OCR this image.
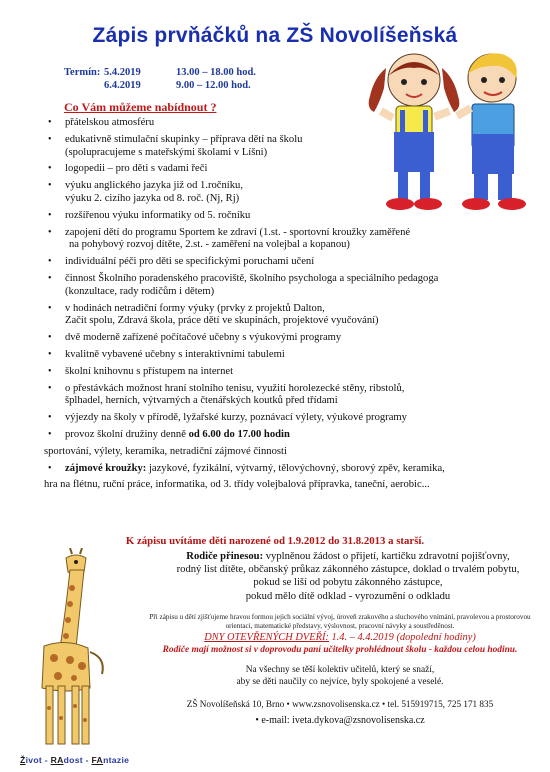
Zápis prvňáčků na ZŠ Novolíšeňská
Termín: 5.4.2019	13.00 – 18.00 hod.
6.4.2019	9.00 – 12.00 hod.
Co Vám můžeme nabídnout ?
• přátelskou atmosféru
• edukativně stimulační skupinky – příprava dětí na školu
(spolupracujeme s mateřskými školami v Líšni)
• logopedii – pro děti s vadami řeči
• výuku anglického jazyka již od 1.ročníku,
výuku 2. cizího jazyka od 8. roč. (Nj, Rj)
• rozšířenou výuku informatiky od 5. ročníku
• zapojení dětí do programu Sportem ke zdraví (1.st. - sportovní kroužky zaměřené
na pohybový rozvoj dítěte, 2.st. - zaměření na volejbal a kopanou)
• individuální péči pro děti se specifickými poruchami učení
• činnost Školního poradenského pracoviště, školního psychologa a speciálního pedagoga
(konzultace, rady rodičům i dětem)
• v hodinách netradiční formy výuky (prvky z projektů Dalton,
Začít spolu, Zdravá škola, práce dětí ve skupinách, projektové vyučování)
• dvě moderně zařízené počítačové učebny s výukovými programy
• kvalitně vybavené učebny s interaktivními tabulemi
• školní knihovnu s přístupem na internet
• o přestávkách možnost hraní stolního tenisu, využití horolezecké stěny, ribstolů,
šplhadel, herních, výtvarných a čtenářských koutků před třídami
• výjezdy na školy v přírodě, lyžařské kurzy, poznávací výlety, výukové programy
• provoz školní družiny denně od 6.00 do 17.00 hodin
sportování, výlety, keramika, netradiční zájmové činnosti
• zájmové kroužky: jazykové, fyzikální, výtvarný, tělovýchovný, sborový zpěv, keramika,
hra na flétnu, ruční práce, informatika, od 3. třídy volejbalová přípravka, taneční, aerobic...
K zápisu uvítáme děti narozené od 1.9.2012 do 31.8.2013 a starší.
Rodiče přinesou: vyplněnou žádost o přijetí, kartičku zdravotní pojišťovny,
rodný list dítěte, občanský průkaz zákonného zástupce, doklad o trvalém pobytu,
pokud se liší od pobytu zákonného zástupce,
pokud mělo dítě odklad - vyrozumění o odkladu
Při zápisu u dětí zjišťujeme hravou formou jejich sociální vývoj, úroveň zrakového a sluchového vnímání, pravolevou a prostorovou orientaci, matematické představy, výslovnost, pracovní návyky a soustředěnost.
DNY OTEVŘENÝCH DVEŘÍ: 1.4. – 4.4.2019 (dopolední hodiny)
Rodiče mají možnost si v doprovodu paní učitelky prohlédnout školu - každou celou hodinu.
Na všechny se těší kolektiv učitelů, který se snaží,
aby se děti naučily co nejvíce, byly spokojené a veselé.
ZŠ Novolíšeňská 10, Brno • www.zsnovolisenska.cz • tel. 515919715, 725 171 835
• e-mail: iveta.dykova@zsnovolisenska.cz
Život - RAdost - FAntazie
